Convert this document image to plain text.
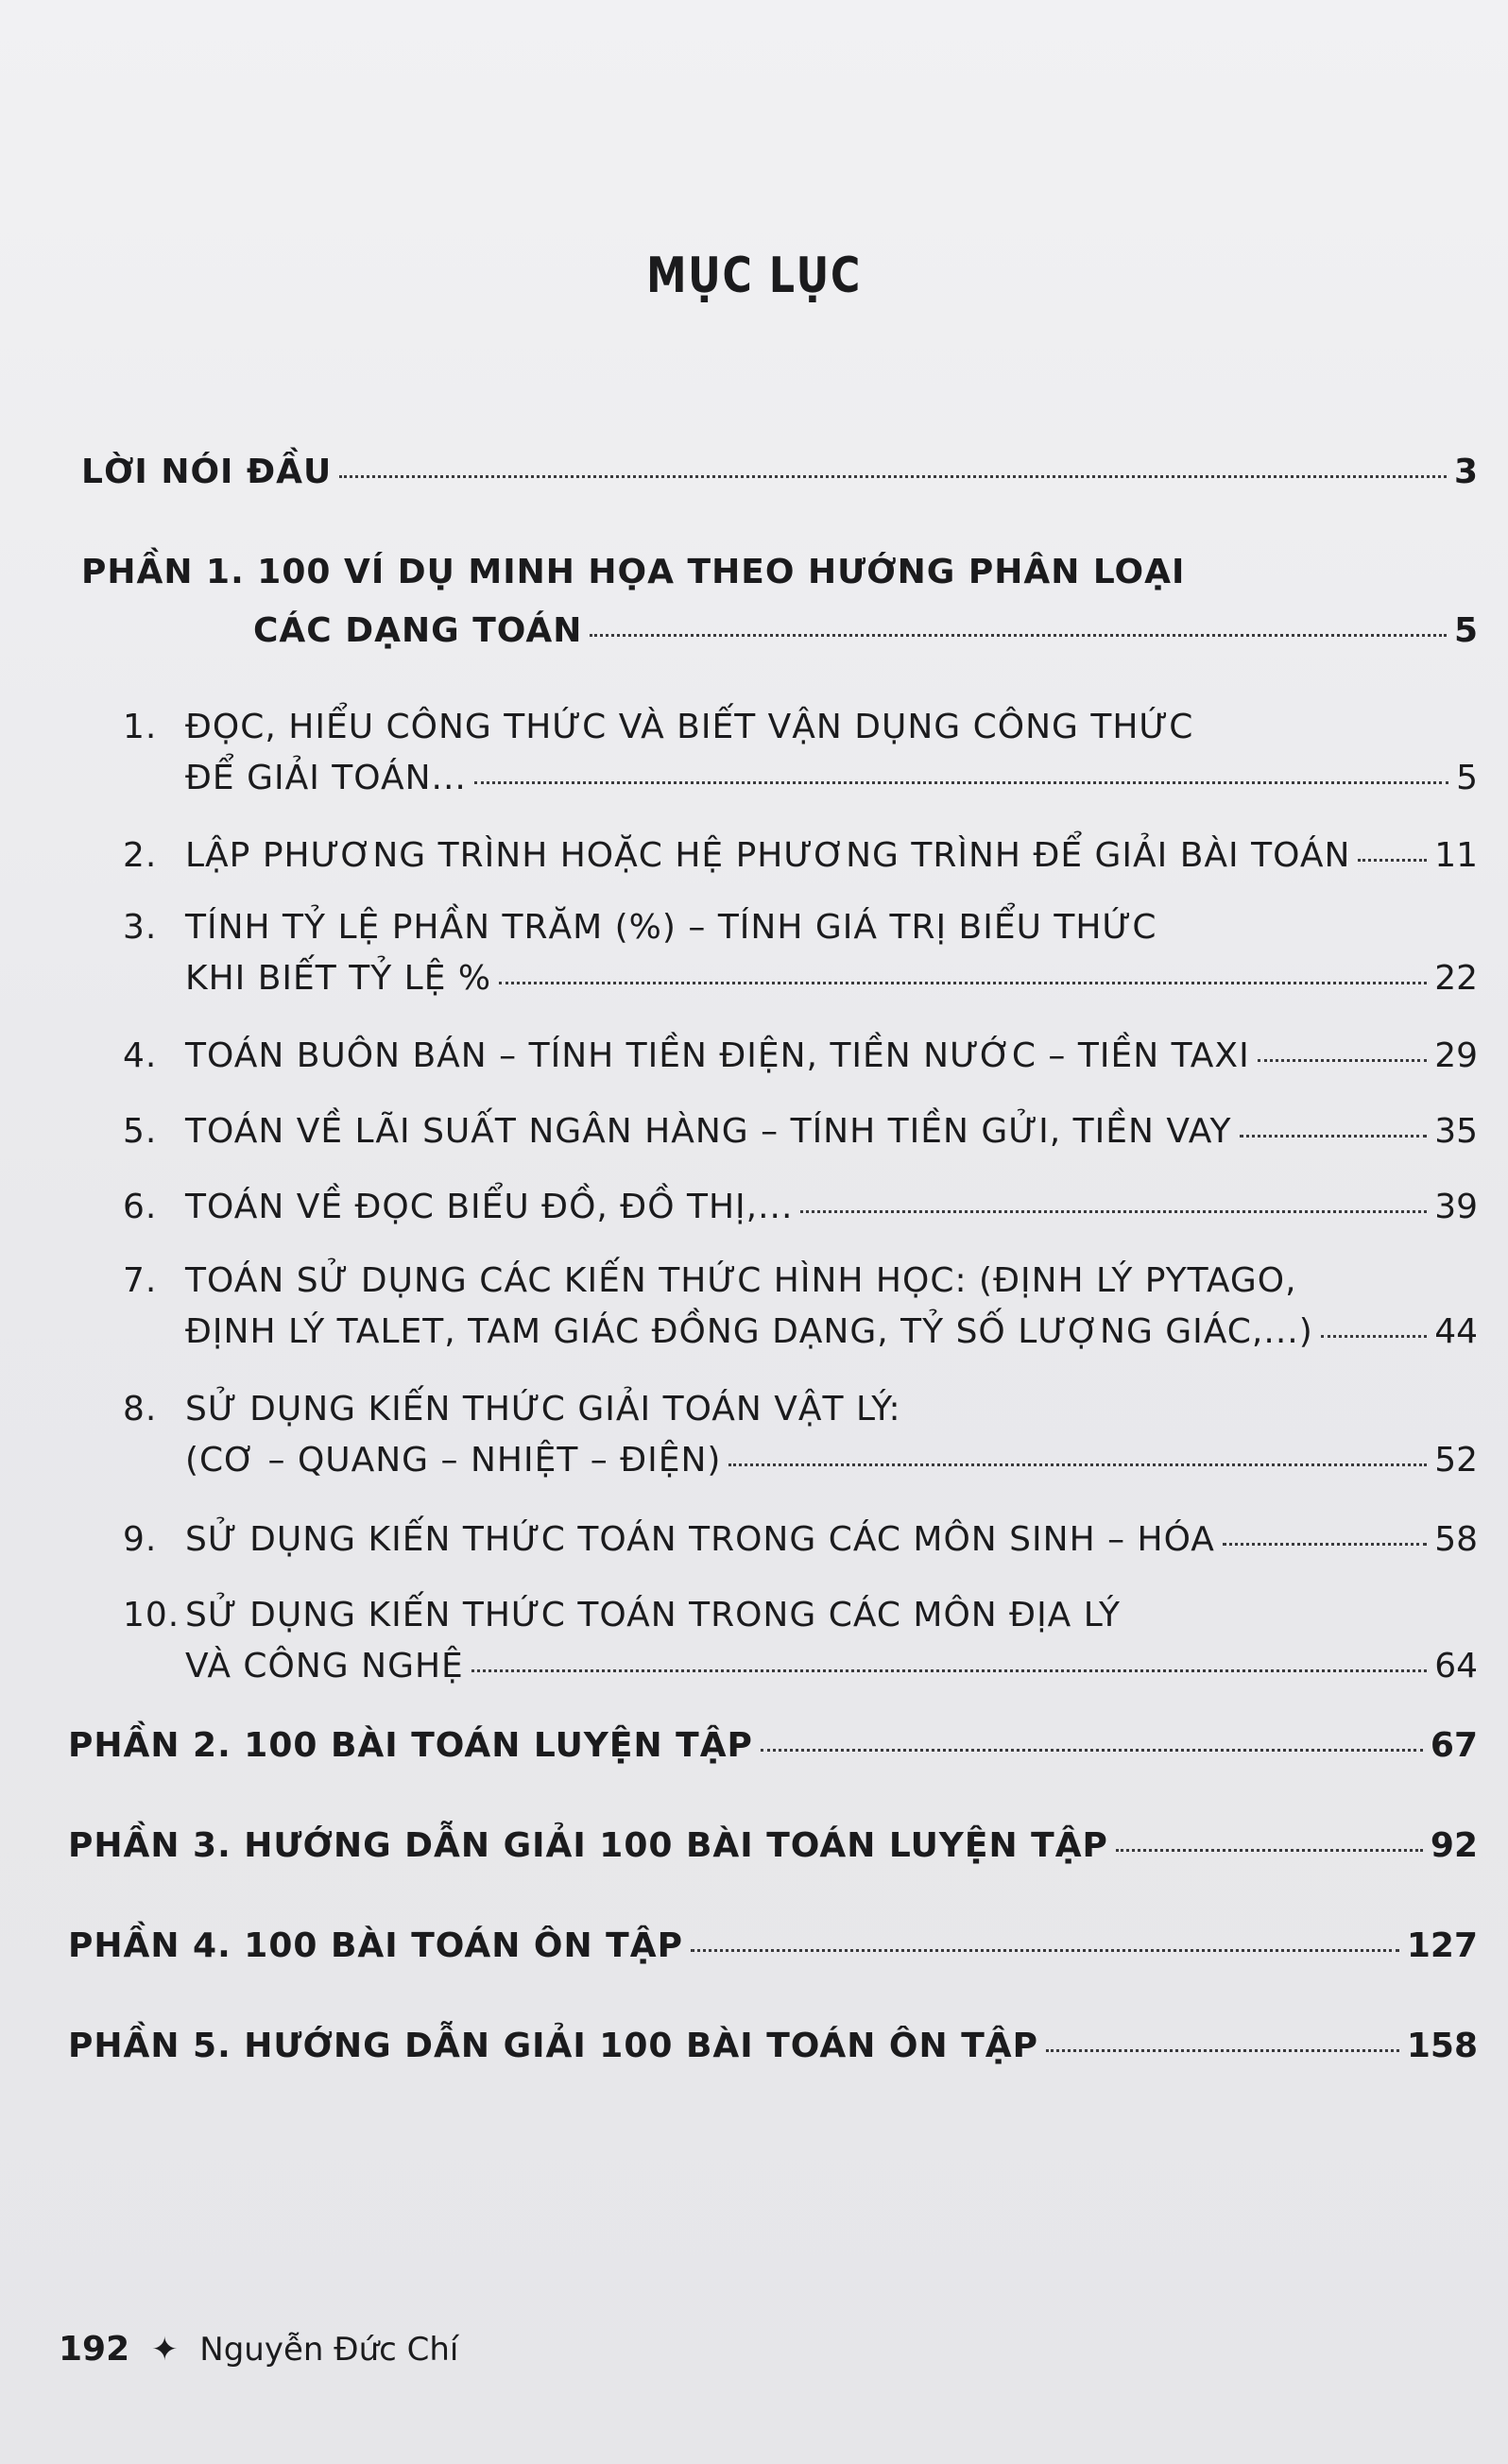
MỤC LỤC
LỜI NÓI ĐẦU	3
PHẦN 1. 100 VÍ DỤ MINH HỌA THEO HƯỚNG PHÂN LOẠI
CÁC DẠNG TOÁN	5
1. ĐỌC, HIỂU CÔNG THỨC VÀ BIẾT VẬN DỤNG CÔNG THỨC
ĐỂ GIẢI TOÁN...	5
2. LẬP PHƯƠNG TRÌNH HOẶC HỆ PHƯƠNG TRÌNH ĐỂ GIẢI BÀI TOÁN 11
3. TÍNH TỶ LỆ PHẦN TRĂM (%) – TÍNH GIÁ TRỊ BIỂU THỨC
KHI BIẾT TỶ LỆ %	22
4. TOÁN BUÔN BÁN – TÍNH TIỀN ĐIỆN, TIỀN NƯỚC – TIỀN TAXI	29
5. TOÁN VỀ LÃI SUẤT NGÂN HÀNG – TÍNH TIỀN GỬI, TIỀN VAY	35
6. TOÁN VỀ ĐỌC BIỂU ĐỒ, ĐỒ THỊ,...	39
7. TOÁN SỬ DỤNG CÁC KIẾN THỨC HÌNH HỌC: (ĐỊNH LÝ PYTAGO,
ĐỊNH LÝ TALET, TAM GIÁC ĐỒNG DẠNG, TỶ SỐ LƯỢNG GIÁC,...)	44
8. SỬ DỤNG KIẾN THỨC GIẢI TOÁN VẬT LÝ:
(CƠ – QUANG – NHIỆT – ĐIỆN)	52
9. SỬ DỤNG KIẾN THỨC TOÁN TRONG CÁC MÔN SINH – HÓA	58
10. SỬ DỤNG KIẾN THỨC TOÁN TRONG CÁC MÔN ĐỊA LÝ
VÀ CÔNG NGHỆ	64
PHẦN 2. 100 BÀI TOÁN LUYỆN TẬP	67
PHẦN 3. HƯỚNG DẪN GIẢI 100 BÀI TOÁN LUYỆN TẬP	92
PHẦN 4. 100 BÀI TOÁN ÔN TẬP	127
PHẦN 5. HƯỚNG DẪN GIẢI 100 BÀI TOÁN ÔN TẬP	158
192 ✦ Nguyễn Đức Chí
